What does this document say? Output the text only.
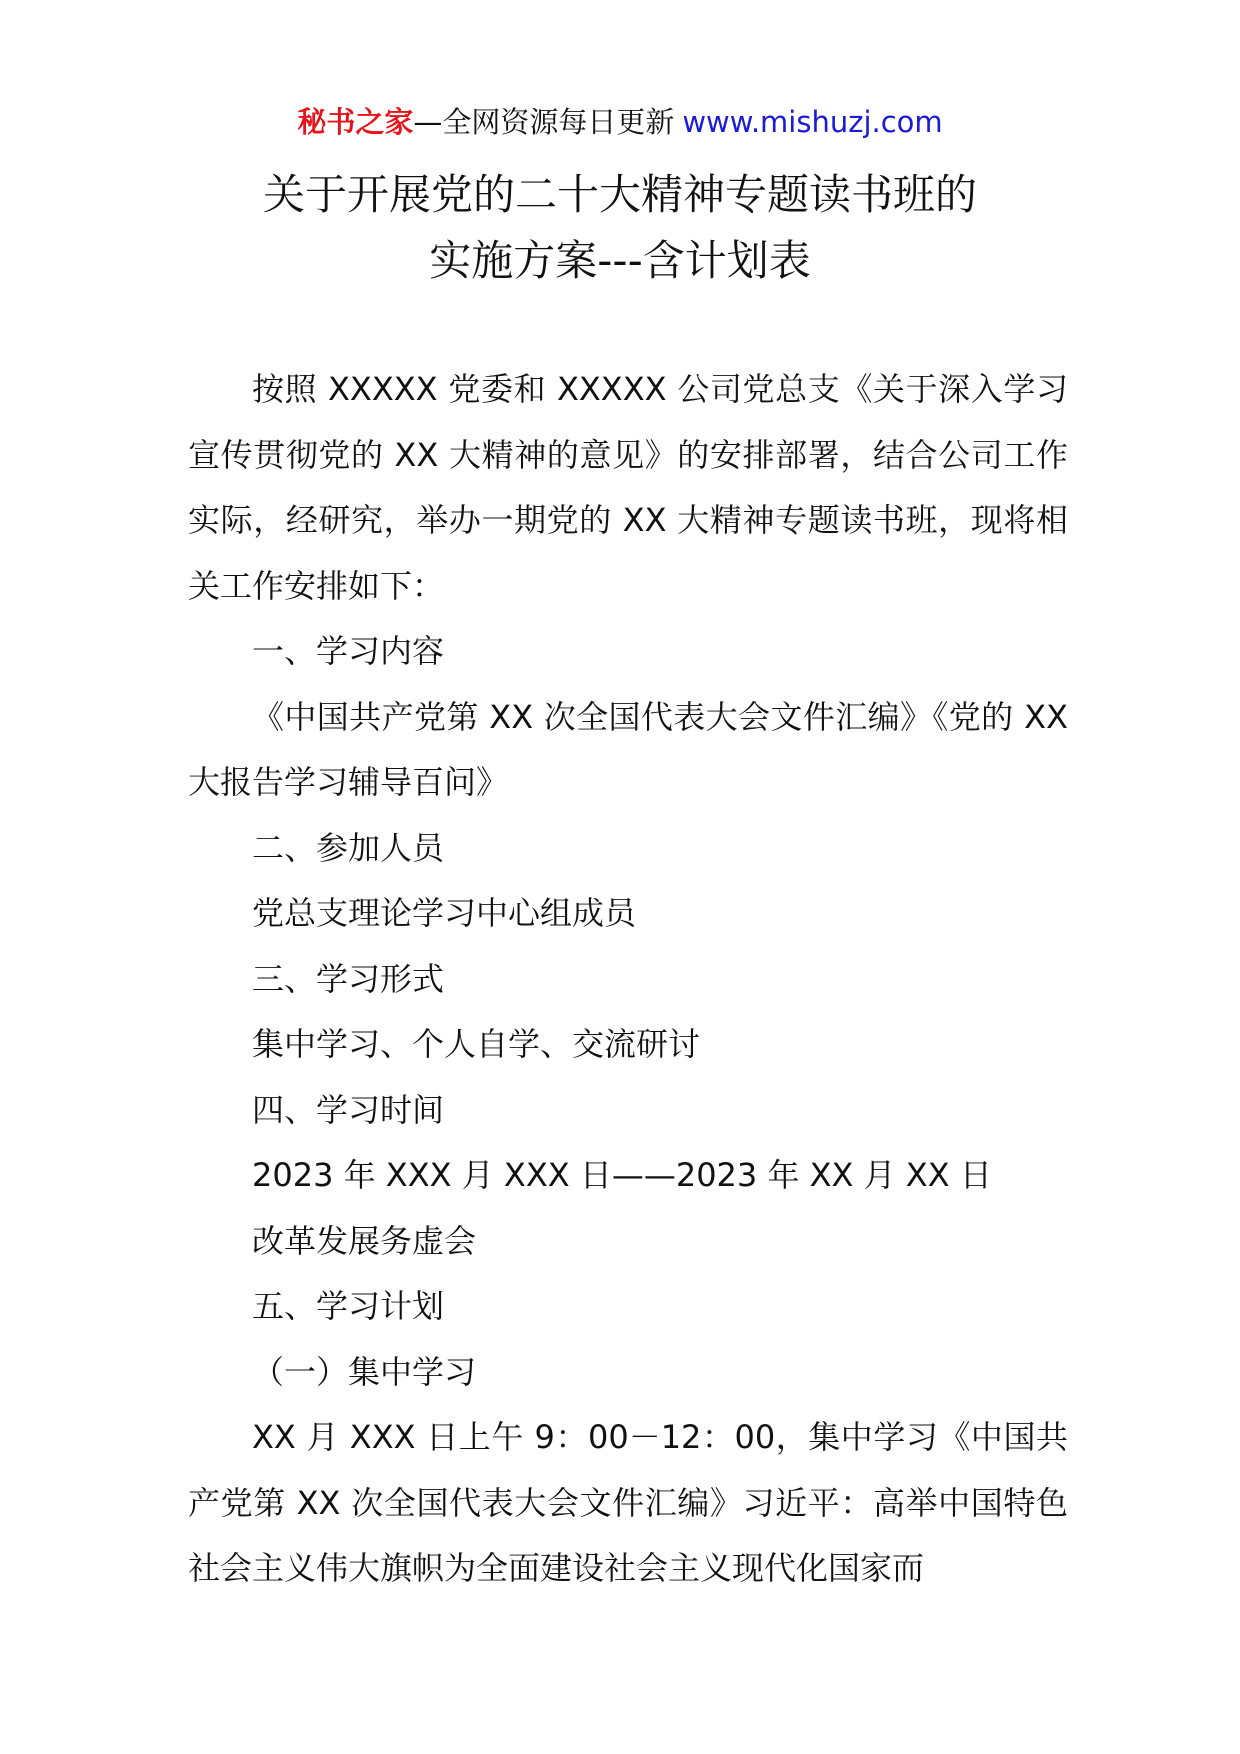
秘书之家—全网资源每日更新 www.mishuzj.com
关于开展党的二十大精神专题读书班的
实施方案---含计划表

按照 XXXXX 党委和 XXXXX 公司党总支《关于深入学习宣传贯彻党的 XX 大精神的意见》的安排部署，结合公司工作实际，经研究，举办一期党的 XX 大精神专题读书班，现将相关工作安排如下：

一、学习内容

《中国共产党第 XX 次全国代表大会文件汇编》《党的 XX 大报告学习辅导百问》

二、参加人员

党总支理论学习中心组成员

三、学习形式

集中学习、个人自学、交流研讨

四、学习时间

2023 年 XXX 月 XXX 日——2023 年 XX 月 XX 日

改革发展务虚会

五、学习计划

（一）集中学习

XX 月 XXX 日上午 9：00－12：00，集中学习《中国共产党第 XX 次全国代表大会文件汇编》习近平：高举中国特色社会主义伟大旗帜为全面建设社会主义现代化国家而
